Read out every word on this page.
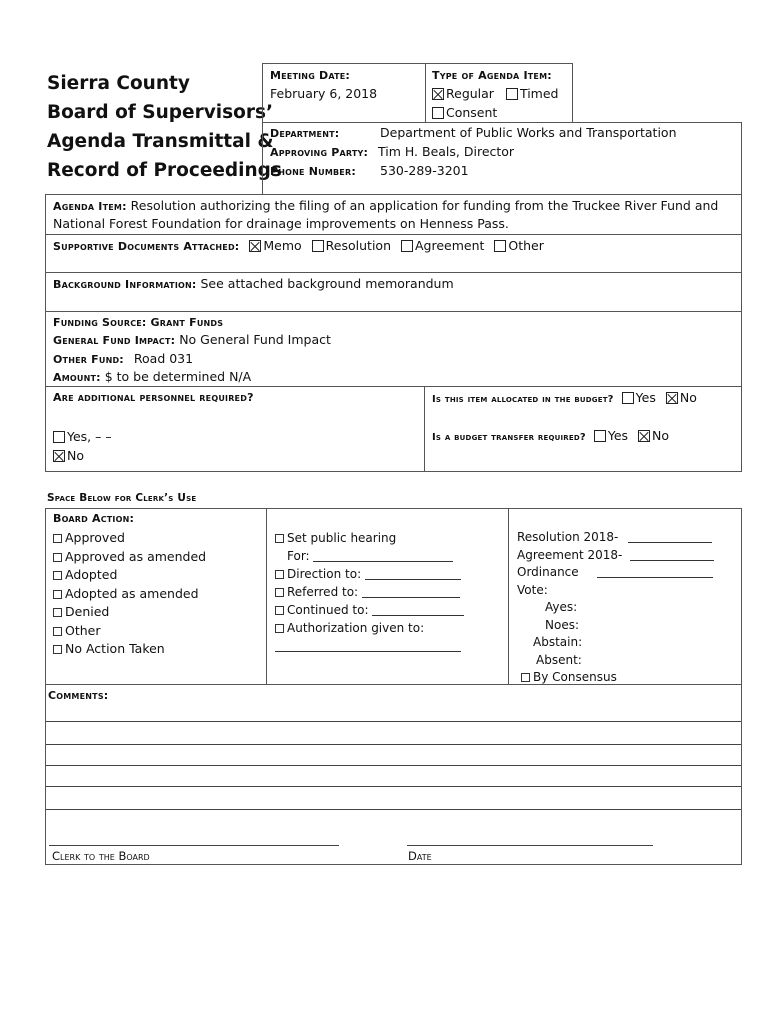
Sierra County
Board of Supervisors’
Agenda Transmittal &
Record of Proceedings
Meeting Date:
February 6, 2018
Type of Agenda Item:
Regular Timed
Consent
Department:	Department of Public Works and Transportation
Approving Party: Tim H. Beals, Director
Phone Number: 530-289-3201
Agenda Item: Resolution authorizing the filing of an application for funding from the Truckee River Fund and
National Forest Foundation for drainage improvements on Henness Pass.
Supportive Documents Attached: Memo Resolution Agreement Other
Background Information: See attached background memorandum
Funding Source: Grant Funds
General Fund Impact: No General Fund Impact
Other Fund: Road 031
Amount: $ to be determined N/A
Are additional personnel required?
Yes, – –
No
Is this item allocated in the budget? Yes No
Is a budget transfer required? Yes No
Space Below for Clerk’s Use
Board Action:
Approved
Approved as amended
Adopted
Adopted as amended
Denied
Other
No Action Taken
Set public hearing
For:
Direction to:
Referred to:
Continued to:
Authorization given to:
Resolution 2018-
Agreement 2018-
Ordinance
Vote:
Ayes:
Noes:
Abstain:
Absent:
By Consensus
Comments:
Clerk to the Board	Date
